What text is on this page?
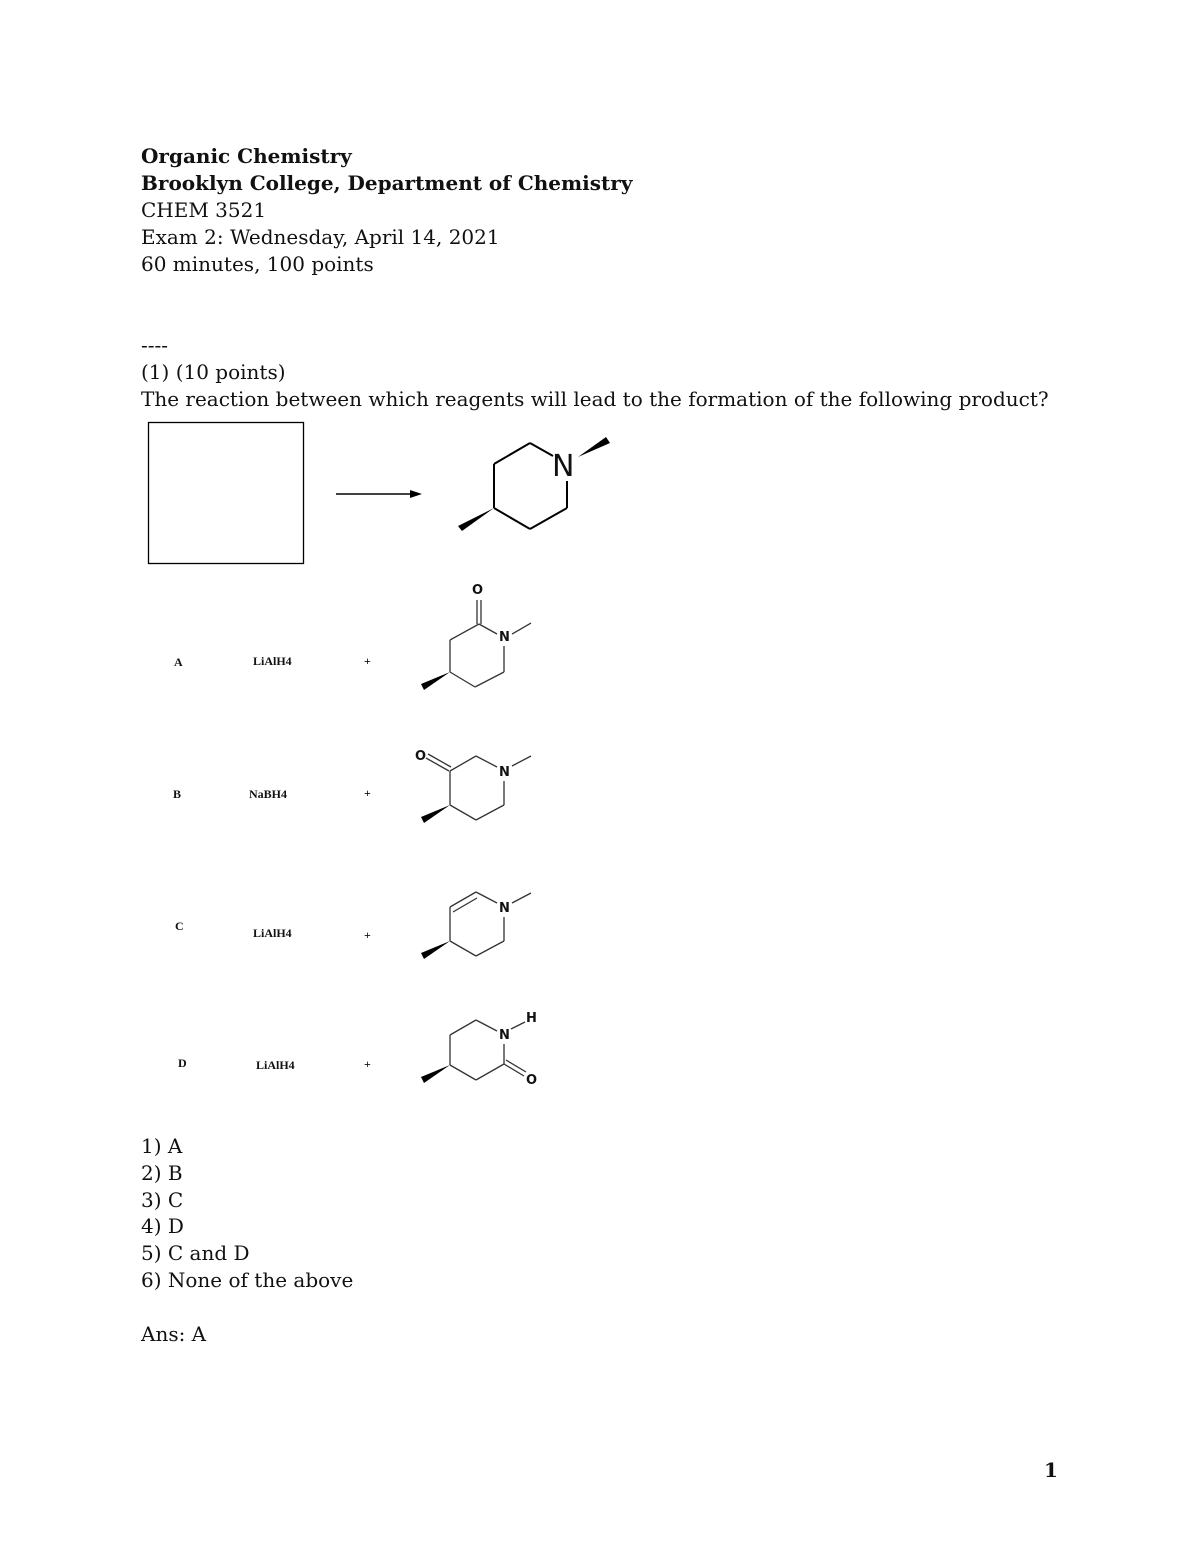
Organic Chemistry
Brooklyn College, Department of Chemistry
CHEM 3521
Exam 2: Wednesday, April 14, 2021
60 minutes, 100 points
----
(1) (10 points)
The reaction between which reagents will lead to the formation of the following product?
N
A	LiAlH4	+
O
N
B	NaBH4	+
O
N
C	LiAlH4	+
N
D	LiAlH4	+
H
N
O
1) A
2) B
3) C
4) D
5) C and D
6) None of the above
Ans: A
1
